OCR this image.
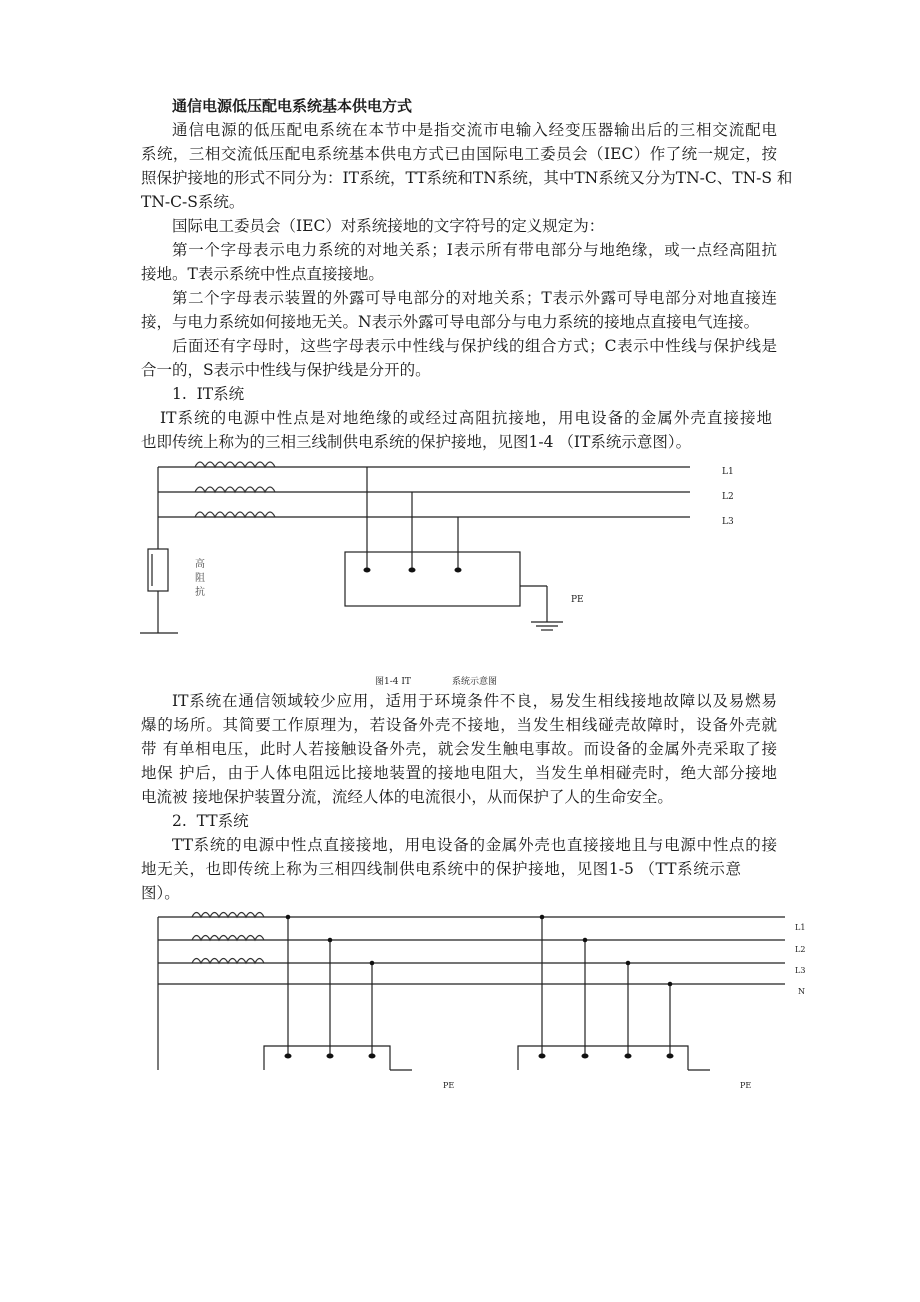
通信电源低压配电系统基本供电方式
通信电源的低压配电系统在本节中是指交流市电输入经变压器输出后的三相交流配电
系统，三相交流低压配电系统基本供电方式已由国际电工委员会（IEC）作了统一规定，按
照保护接地的形式不同分为：IT系统，TT系统和TN系统，其中TN系统又分为TN-C、TN-S 和
TN-C-S系统。
国际电工委员会（IEC）对系统接地的文字符号的定义规定为：
第一个字母表示电力系统的对地关系；I表示所有带电部分与地绝缘，或一点经高阻抗
接地。T表示系统中性点直接接地。
第二个字母表示装置的外露可导电部分的对地关系；T表示外露可导电部分对地直接连
接，与电力系统如何接地无关。N表示外露可导电部分与电力系统的接地点直接电气连接。
后面还有字母时，这些字母表示中性线与保护线的组合方式；C表示中性线与保护线是
合一的，S表示中性线与保护线是分开的。
1.  IT系统
IT系统的电源中性点是对地绝缘的或经过高阻抗接地，用电设备的金属外壳直接接地
也即传统上称为的三相三线制供电系统的保护接地，见图1-4 （IT系统示意图）。
L1
L2
L3
PE
高
阻
抗
图1-4 IT	系统示意图
IT系统在通信领域较少应用，适用于环境条件不良，易发生相线接地故障以及易燃易
爆的场所。其简要工作原理为，若设备外壳不接地，当发生相线碰壳故障时，设备外壳就
带 有单相电压，此时人若接触设备外壳，就会发生触电事故。而设备的金属外壳采取了接
地保 护后，由于人体电阻远比接地装置的接地电阻大，当发生单相碰壳时，绝大部分接地
电流被 接地保护装置分流，流经人体的电流很小，从而保护了人的生命安全。
2.  TT系统
TT系统的电源中性点直接接地，用电设备的金属外壳也直接接地且与电源中性点的接
地无关，也即传统上称为三相四线制供电系统中的保护接地，见图1-5 （TT系统示意
图）。
L1
L2
L3
N
PE	PE
